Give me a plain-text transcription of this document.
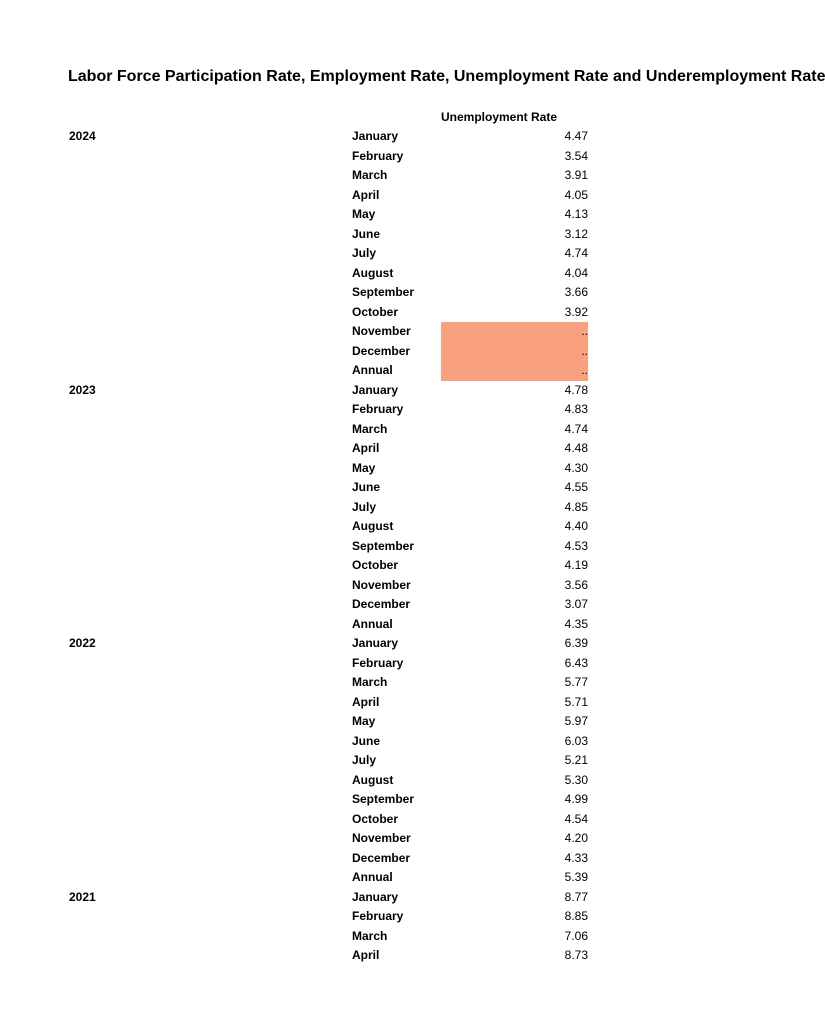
Labor Force Participation Rate, Employment Rate, Unemployment Rate and Underemployment Rate
Unemployment Rate
2024	January	4.47
February	3.54
March	3.91
April	4.05
May	4.13
June	3.12
July	4.74
August	4.04
September	3.66
October	3.92
November	..
December	..
Annual	..
2023	January	4.78
February	4.83
March	4.74
April	4.48
May	4.30
June	4.55
July	4.85
August	4.40
September	4.53
October	4.19
November	3.56
December	3.07
Annual	4.35
2022	January	6.39
February	6.43
March	5.77
April	5.71
May	5.97
June	6.03
July	5.21
August	5.30
September	4.99
October	4.54
November	4.20
December	4.33
Annual	5.39
2021	January	8.77
February	8.85
March	7.06
April	8.73
